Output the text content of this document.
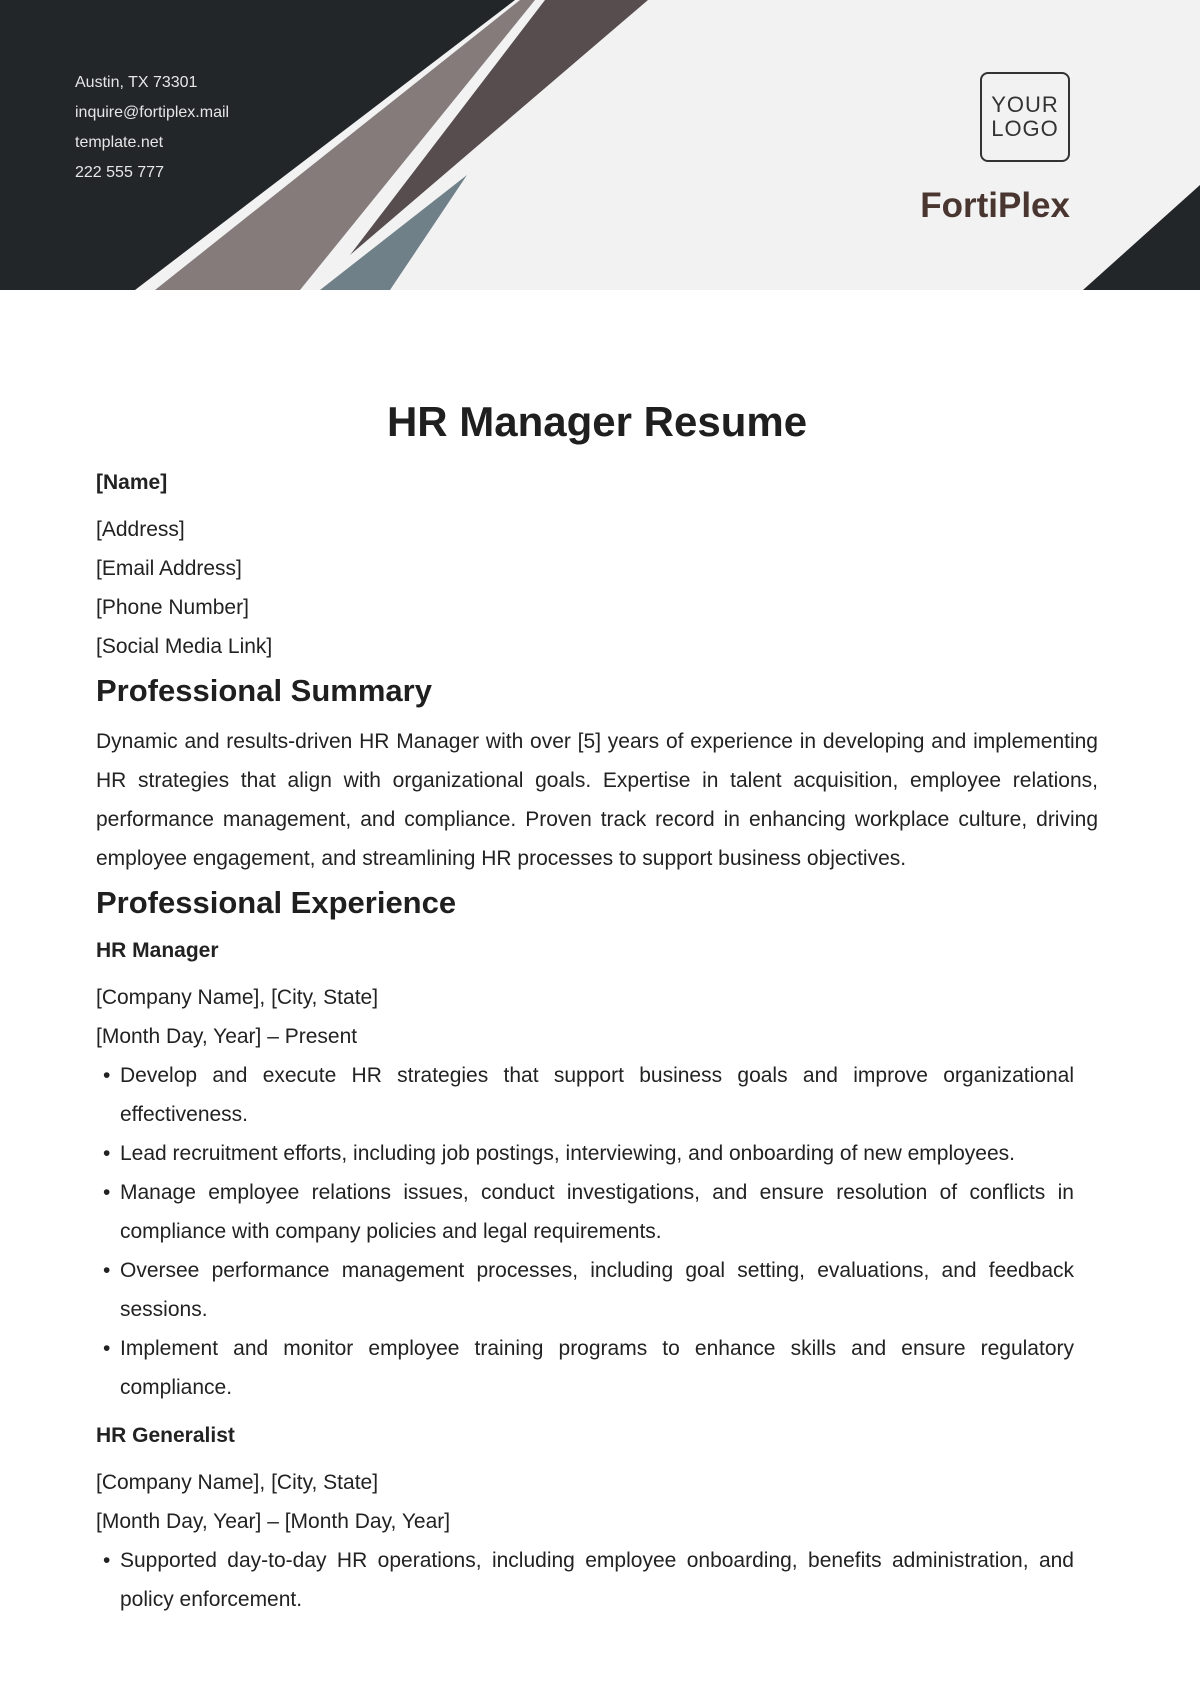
Austin, TX 73301
inquire@fortiplex.mail
template.net
222 555 777
YOUR
LOGO
FortiPlex
HR Manager Resume
[Name]
[Address]
[Email Address]
[Phone Number]
[Social Media Link]
Professional Summary

Dynamic and results-driven HR Manager with over [5] years of experience in developing and implementing HR strategies that align with organizational goals. Expertise in talent acquisition, employee relations, performance management, and compliance. Proven track record in enhancing workplace culture, driving employee engagement, and streamlining HR processes to support business objectives.

Professional Experience
HR Manager
[Company Name], [City, State]
[Month Day, Year] – Present
• Develop and execute HR strategies that support business goals and improve organizational effectiveness.
• Lead recruitment efforts, including job postings, interviewing, and onboarding of new employees.
• Manage employee relations issues, conduct investigations, and ensure resolution of conflicts in compliance with company policies and legal requirements.
• Oversee performance management processes, including goal setting, evaluations, and feedback sessions.
• Implement and monitor employee training programs to enhance skills and ensure regulatory compliance.
HR Generalist
[Company Name], [City, State]
[Month Day, Year] – [Month Day, Year]
• Supported day-to-day HR operations, including employee onboarding, benefits administration, and policy enforcement.
